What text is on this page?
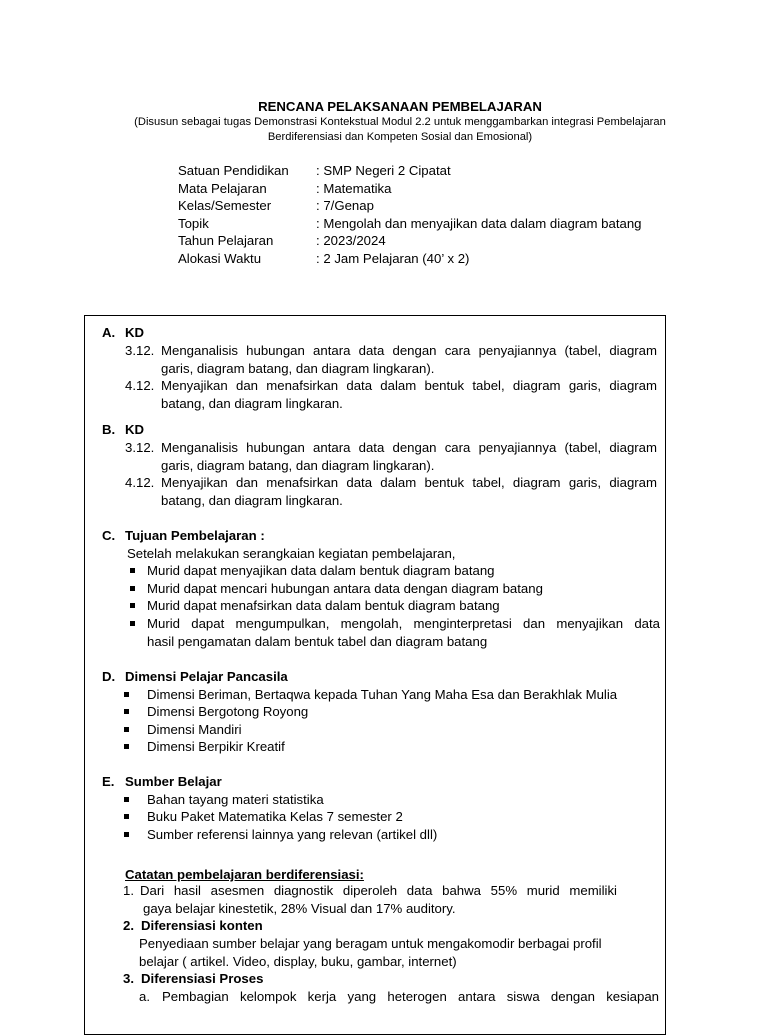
RENCANA PELAKSANAAN PEMBELAJARAN
(Disusun sebagai tugas Demonstrasi Kontekstual Modul 2.2 untuk menggambarkan integrasi Pembelajaran
Berdiferensiasi dan Kompeten Sosial dan Emosional)
Satuan Pendidikan	: SMP Negeri 2 Cipatat
Mata Pelajaran	: Matematika
Kelas/Semester	: 7/Genap
Topik	: Mengolah dan menyajikan data dalam diagram batang
Tahun Pelajaran	: 2023/2024
Alokasi Waktu	: 2 Jam Pelajaran (40’ x 2)
A. KD
3.12. Menganalisis hubungan antara data dengan cara penyajiannya (tabel, diagram
garis, diagram batang, dan diagram lingkaran).
4.12. Menyajikan dan menafsirkan data dalam bentuk tabel, diagram garis, diagram
batang, dan diagram lingkaran.
B. KD
3.12. Menganalisis hubungan antara data dengan cara penyajiannya (tabel, diagram
garis, diagram batang, dan diagram lingkaran).
4.12. Menyajikan dan menafsirkan data dalam bentuk tabel, diagram garis, diagram
batang, dan diagram lingkaran.
C. Tujuan Pembelajaran :
Setelah melakukan serangkaian kegiatan pembelajaran,
Murid dapat menyajikan data dalam bentuk diagram batang
Murid dapat mencari hubungan antara data dengan diagram batang
Murid dapat menafsirkan data dalam bentuk diagram batang
Murid dapat mengumpulkan, mengolah, menginterpretasi dan menyajikan data
hasil pengamatan dalam bentuk tabel dan diagram batang
D. Dimensi Pelajar Pancasila
Dimensi Beriman, Bertaqwa kepada Tuhan Yang Maha Esa dan Berakhlak Mulia
Dimensi Bergotong Royong
Dimensi Mandiri
Dimensi Berpikir Kreatif
E. Sumber Belajar
Bahan tayang materi statistika
Buku Paket Matematika Kelas 7 semester 2
Sumber referensi lainnya yang relevan (artikel dll)
Catatan pembelajaran berdiferensiasi:
1. Dari hasil asesmen diagnostik diperoleh data bahwa 55% murid memiliki
gaya belajar kinestetik, 28% Visual dan 17% auditory.
2. Diferensiasi konten
Penyediaan sumber belajar yang beragam untuk mengakomodir berbagai profil
belajar ( artikel. Video, display, buku, gambar, internet)
3. Diferensiasi Proses
a. Pembagian kelompok kerja yang heterogen antara siswa dengan kesiapan
